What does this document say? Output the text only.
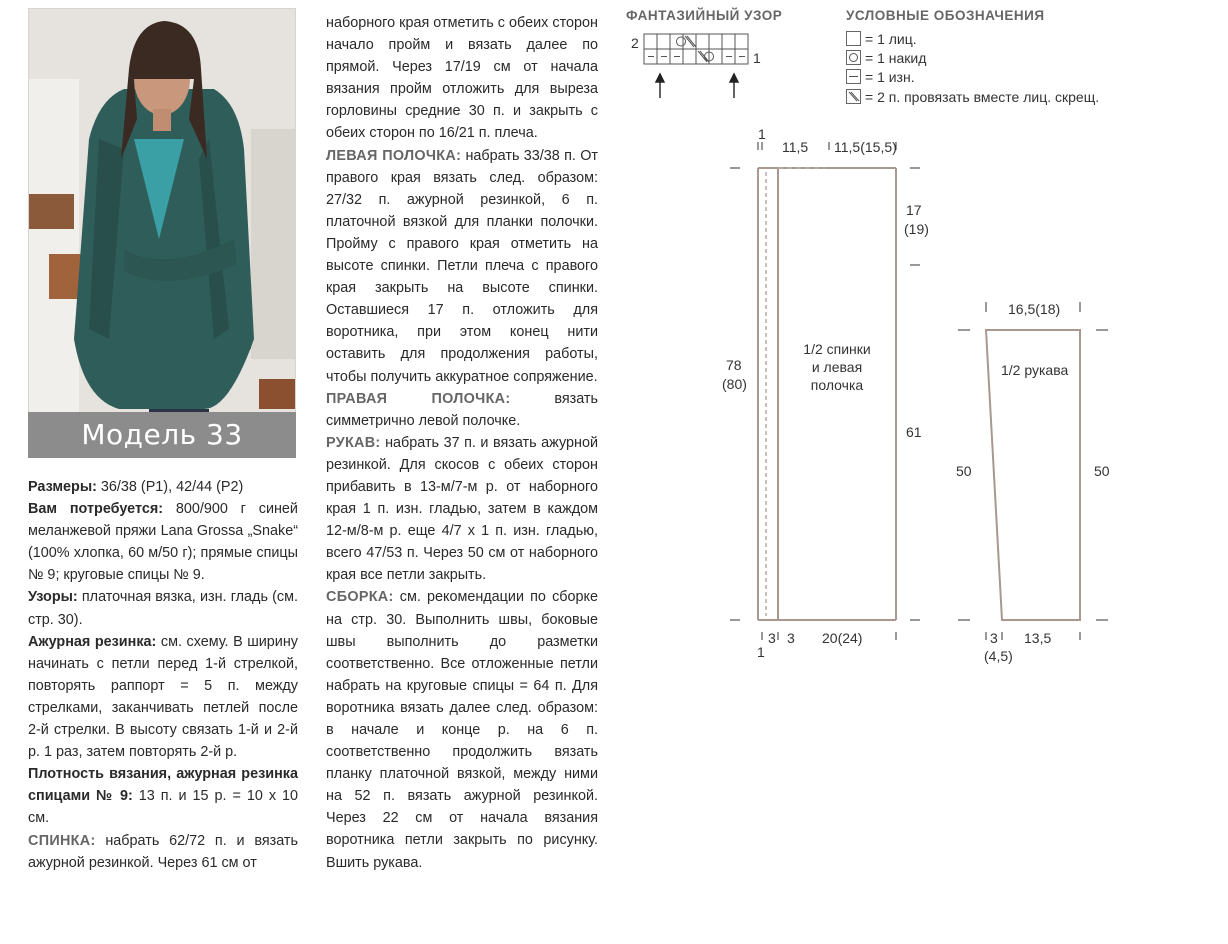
Модель 33

Размеры: 36/38 (Р1), 42/44 (Р2)

Вам потребуется: 800/900 г синей меланжевой пряжи Lana Grossa „Snake“ (100% хлопка, 60 м/50 г); прямые спицы № 9; круговые спицы № 9.

Узоры: платочная вязка, изн. гладь (см. стр. 30).

Ажурная резинка: см. схему. В ширину начинать с петли перед 1-й стрелкой, повторять раппорт = 5 п. между стрелками, заканчивать петлей после 2-й стрелки. В высоту связать 1-й и 2-й р. 1 раз, затем повторять 2-й р.

Плотность вязания, ажурная резинка спицами № 9: 13 п. и 15 р. = 10 х 10 см.

СПИНКА: набрать 62/72 п. и вязать ажурной резинкой. Через 61 см от

наборного края отметить с обеих сторон начало пройм и вязать далее по прямой. Через 17/19 см от начала вязания пройм отложить для выреза горловины средние 30 п. и закрыть с обеих сторон по 16/21 п. плеча.

ЛЕВАЯ ПОЛОЧКА: набрать 33/38 п. От правого края вязать след. образом: 27/32 п. ажурной резинкой, 6 п. платочной вязкой для планки полочки. Пройму с правого края отметить на высоте спинки. Петли плеча с правого края закрыть на высоте спинки. Оставшиеся 17 п. отложить для воротника, при этом конец нити оставить для продолжения работы, чтобы получить аккуратное сопряжение.

ПРАВАЯ ПОЛОЧКА: вязать симметрично левой полочке.

РУКАВ: набрать 37 п. и вязать ажурной резинкой. Для скосов с обеих сторон прибавить в 13-м/7-м р. от наборного края 1 п. изн. гладью, затем в каждом 12-м/8-м р. еще 4/7 х 1 п. изн. гладью, всего 47/53 п. Через 50 см от наборного края все петли закрыть.

СБОРКА: см. рекомендации по сборке на стр. 30. Выполнить швы, боковые швы выполнить до разметки соответственно. Все отложенные петли набрать на круговые спицы = 64 п. Для воротника вязать далее след. образом: в начале и конце р. на 6 п. соответственно продолжить вязать планку платочной вязкой, между ними на 52 п. вязать ажурной резинкой. Через 22 см от начала вязания воротника петли закрыть по рисунку. Вшить рукава.

ФАНТАЗИЙНЫЙ УЗОР
2
1
УСЛОВНЫЕ ОБОЗНАЧЕНИЯ
= 1 лиц.
= 1 накид
= 1 изн.
= 2 п. провязать вместе лиц. скрещ.
1
11,5 11,5(15,5)
17
(19)
78
(80)
61
1/2 спинки
и левая
полочка
3
1
3 20(24)
16,5(18)
1/2 рукава
50	50
3
(4,5)
13,5
